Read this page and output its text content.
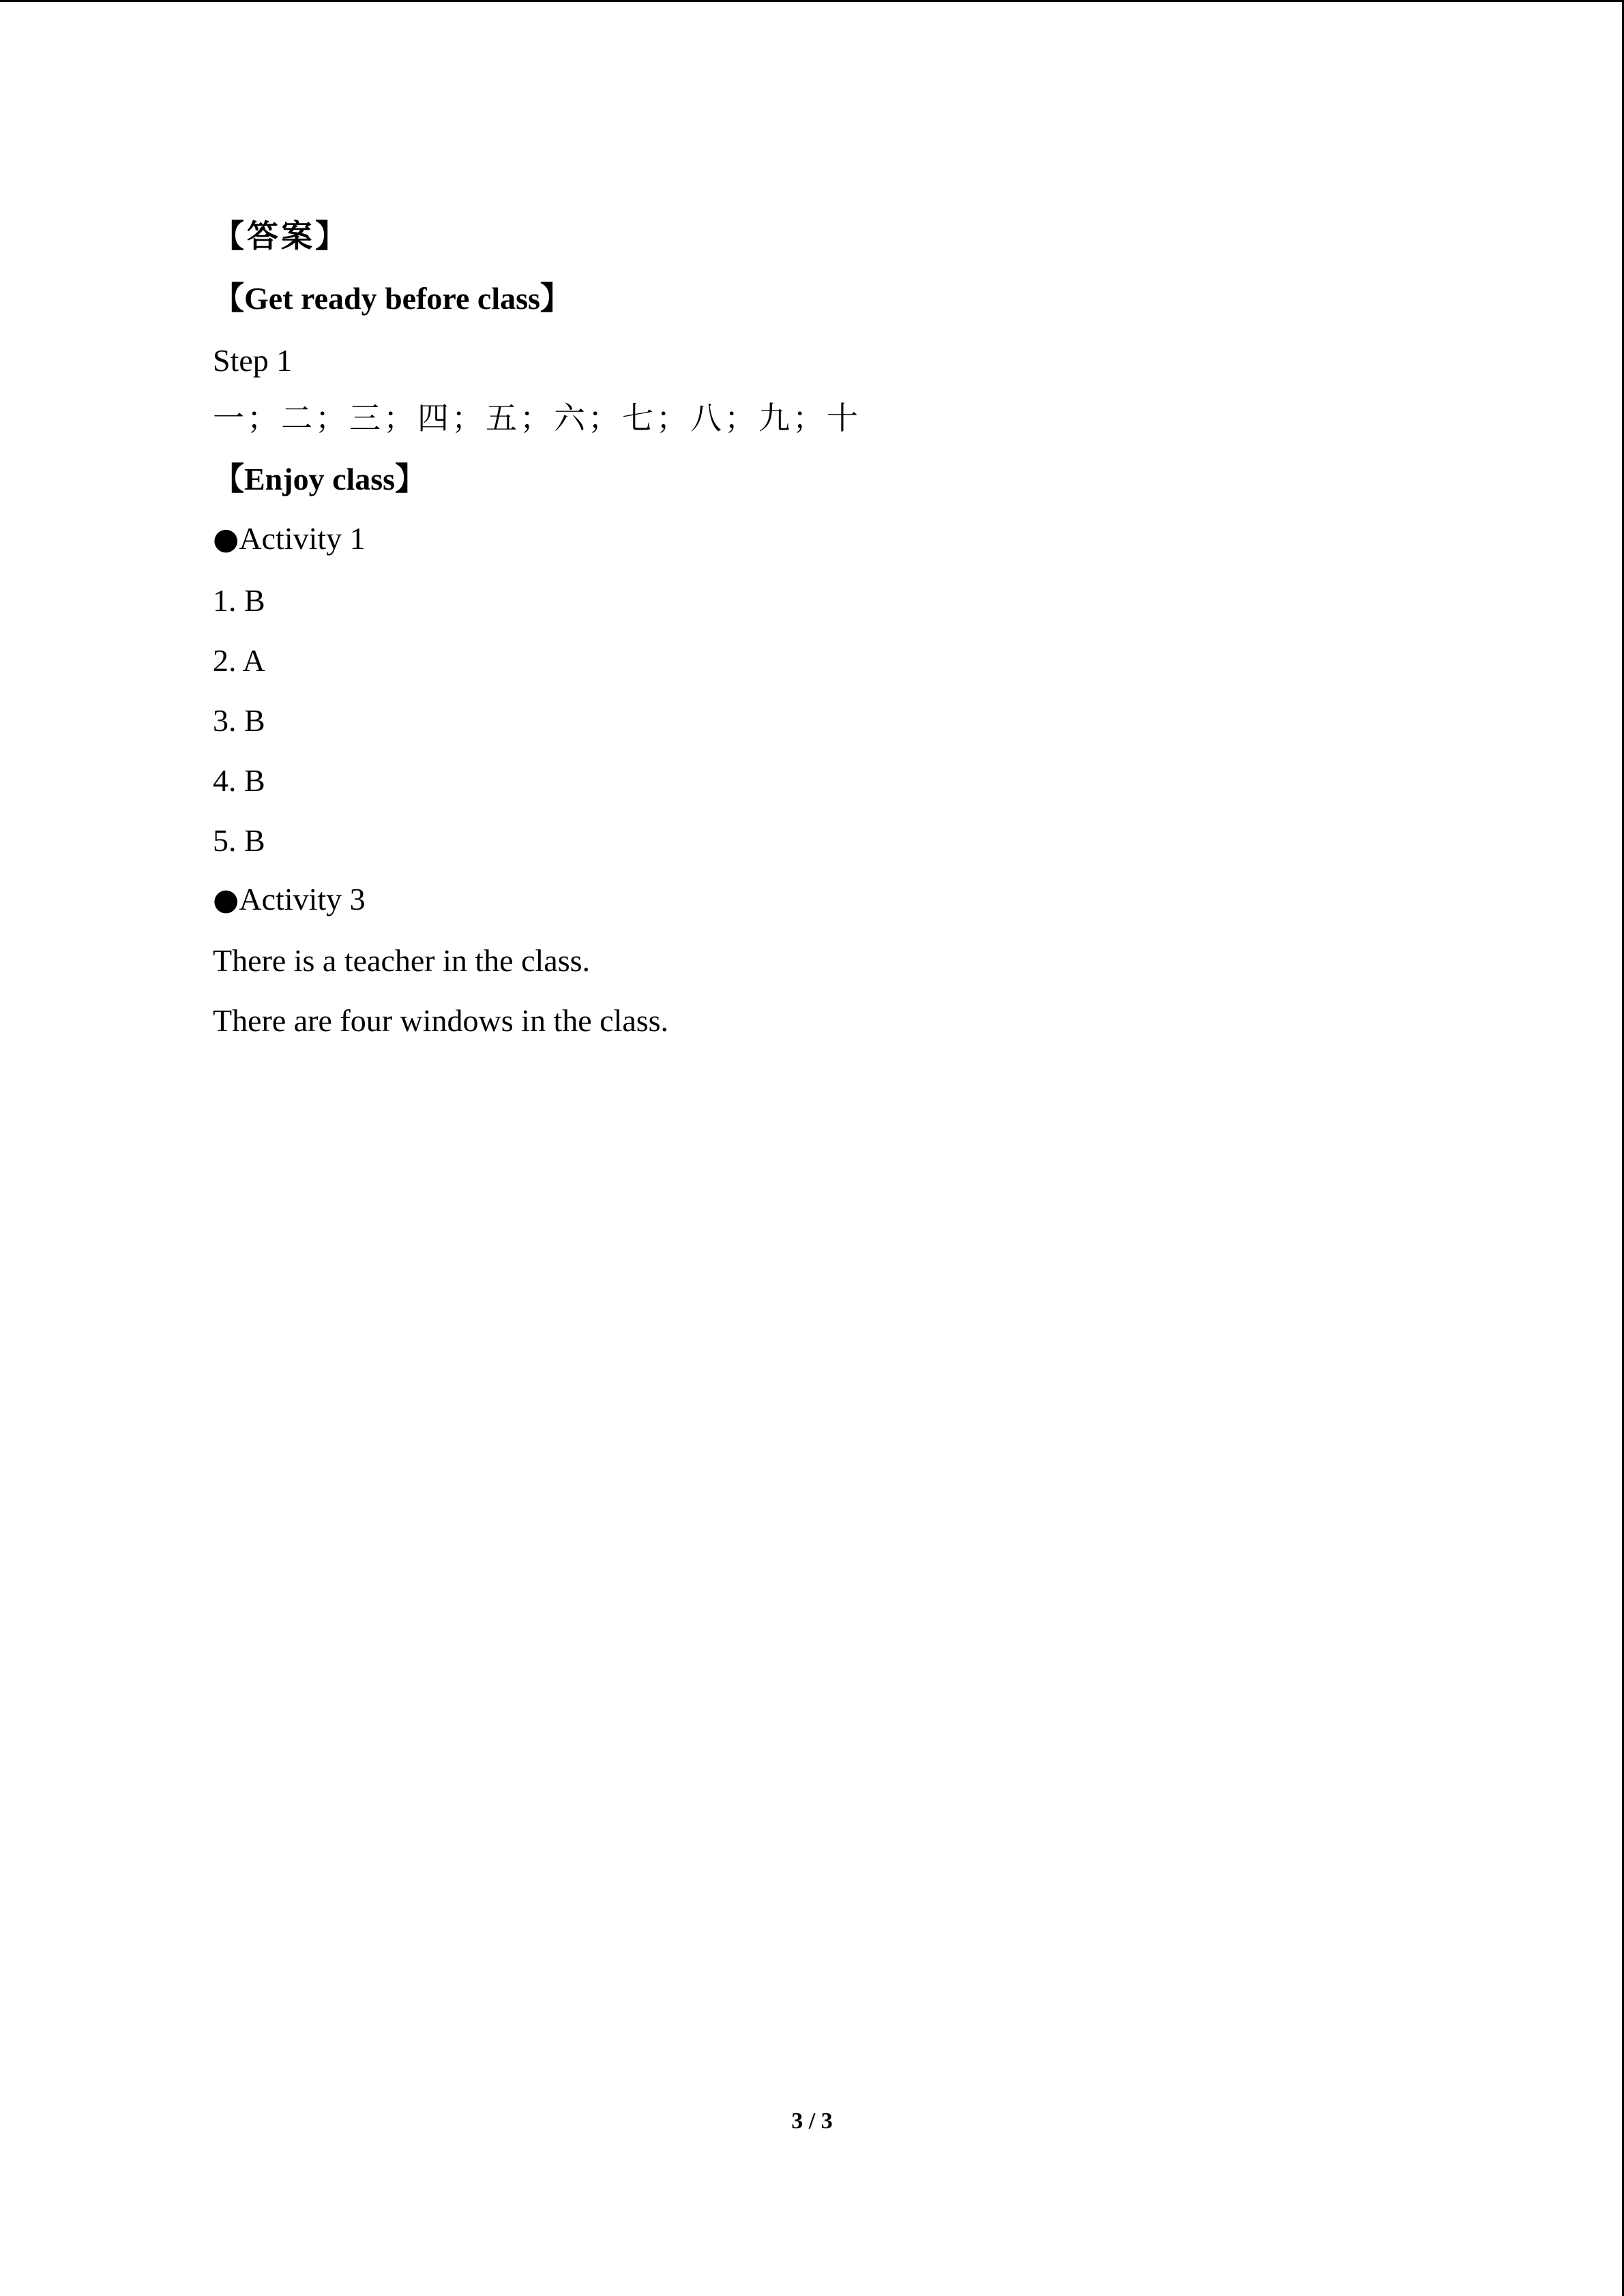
【答案】
【Get ready before class】
Step 1
一；二；三；四；五；六；七；八；九；十
【Enjoy class】
●Activity 1
1. B
2. A
3. B
4. B
5. B
●Activity 3
There is a teacher in the class.
There are four windows in the class.
3 / 3
